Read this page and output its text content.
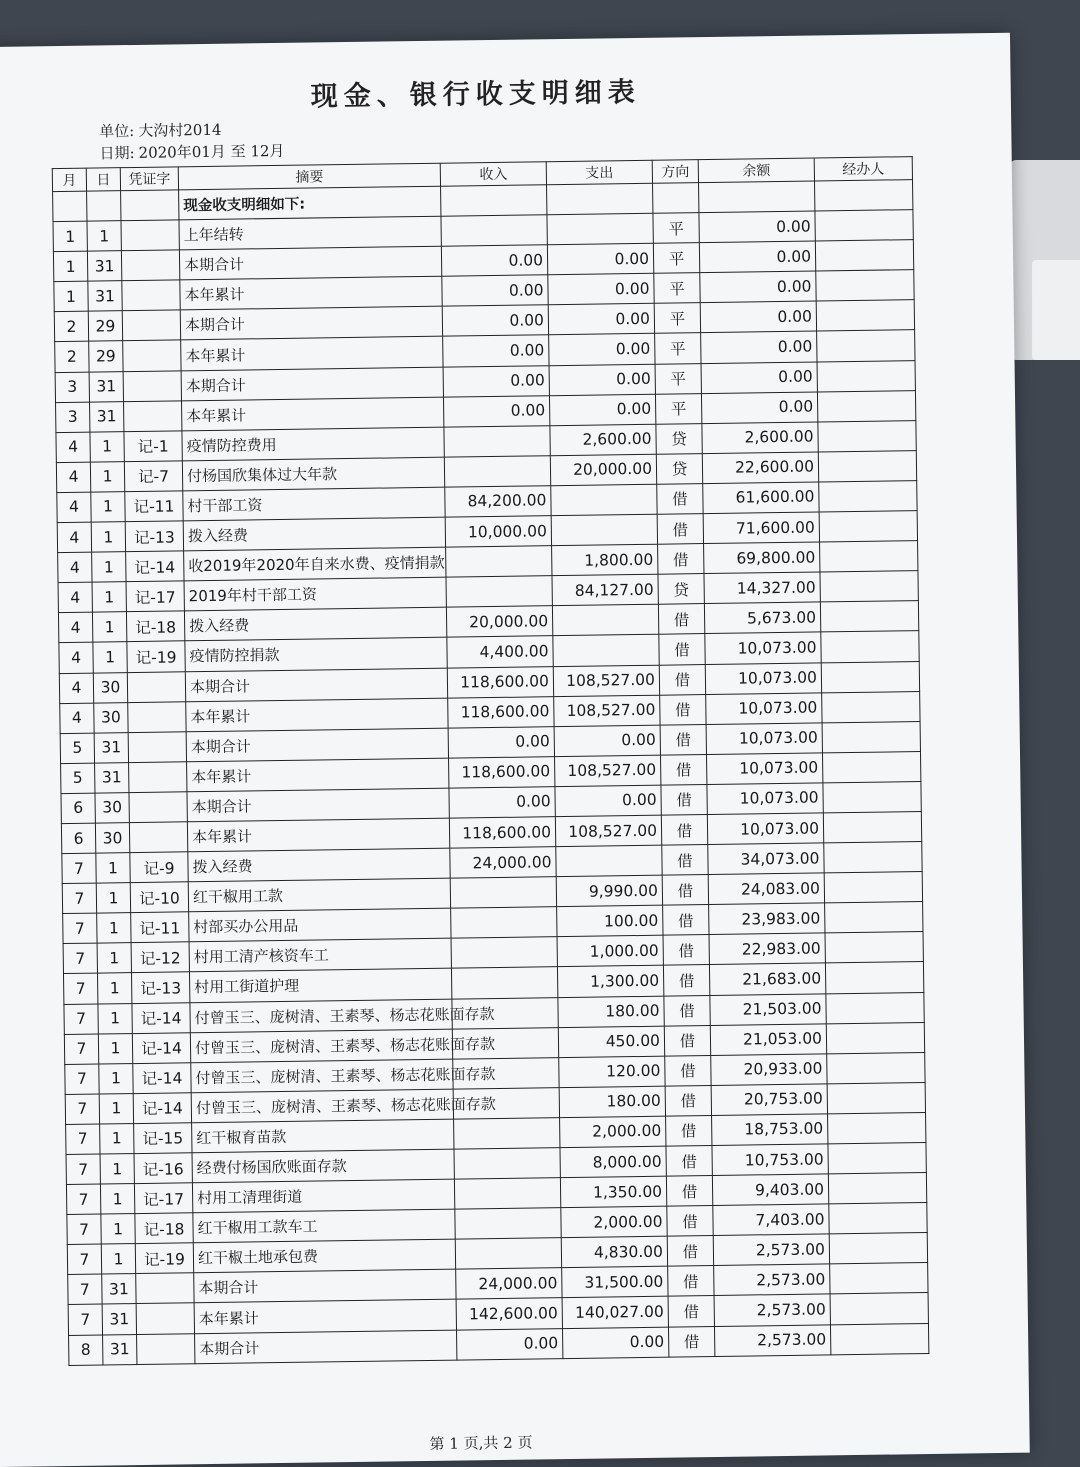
现金、银行收支明细表
单位: 大沟村2014
日期: 2020年01月 至 12月
月	日	凭证字	摘要	收入	支出	方向	余额	经办人
			现金收支明细如下:					
1	1		上年结转			平	0.00	
1	31		本期合计	0.00	0.00	平	0.00	
1	31		本年累计	0.00	0.00	平	0.00	
2	29		本期合计	0.00	0.00	平	0.00	
2	29		本年累计	0.00	0.00	平	0.00	
3	31		本期合计	0.00	0.00	平	0.00	
3	31		本年累计	0.00	0.00	平	0.00	
4	1	记-1	疫情防控费用		2,600.00	贷	2,600.00	
4	1	记-7	付杨国欣集体过大年款		20,000.00	贷	22,600.00	
4	1	记-11	村干部工资	84,200.00		借	61,600.00	
4	1	记-13	拨入经费	10,000.00		借	71,600.00	
4	1	记-14	收2019年2020年自来水费、疫情捐款		1,800.00	借	69,800.00	
4	1	记-17	2019年村干部工资		84,127.00	贷	14,327.00	
4	1	记-18	拨入经费	20,000.00		借	5,673.00	
4	1	记-19	疫情防控捐款	4,400.00		借	10,073.00	
4	30		本期合计	118,600.00	108,527.00	借	10,073.00	
4	30		本年累计	118,600.00	108,527.00	借	10,073.00	
5	31		本期合计	0.00	0.00	借	10,073.00	
5	31		本年累计	118,600.00	108,527.00	借	10,073.00	
6	30		本期合计	0.00	0.00	借	10,073.00	
6	30		本年累计	118,600.00	108,527.00	借	10,073.00	
7	1	记-9	拨入经费	24,000.00		借	34,073.00	
7	1	记-10	红干椒用工款		9,990.00	借	24,083.00	
7	1	记-11	村部买办公用品		100.00	借	23,983.00	
7	1	记-12	村用工清产核资车工		1,000.00	借	22,983.00	
7	1	记-13	村用工街道护理		1,300.00	借	21,683.00	
7	1	记-14	付曾玉三、庞树清、王素琴、杨志花账面存款		180.00	借	21,503.00	
7	1	记-14	付曾玉三、庞树清、王素琴、杨志花账面存款		450.00	借	21,053.00	
7	1	记-14	付曾玉三、庞树清、王素琴、杨志花账面存款		120.00	借	20,933.00	
7	1	记-14	付曾玉三、庞树清、王素琴、杨志花账面存款		180.00	借	20,753.00	
7	1	记-15	红干椒育苗款		2,000.00	借	18,753.00	
7	1	记-16	经费付杨国欣账面存款		8,000.00	借	10,753.00	
7	1	记-17	村用工清理街道		1,350.00	借	9,403.00	
7	1	记-18	红干椒用工款车工		2,000.00	借	7,403.00	
7	1	记-19	红干椒土地承包费		4,830.00	借	2,573.00	
7	31		本期合计	24,000.00	31,500.00	借	2,573.00	
7	31		本年累计	142,600.00	140,027.00	借	2,573.00	
8	31		本期合计	0.00	0.00	借	2,573.00	
第 1 页,共 2 页
